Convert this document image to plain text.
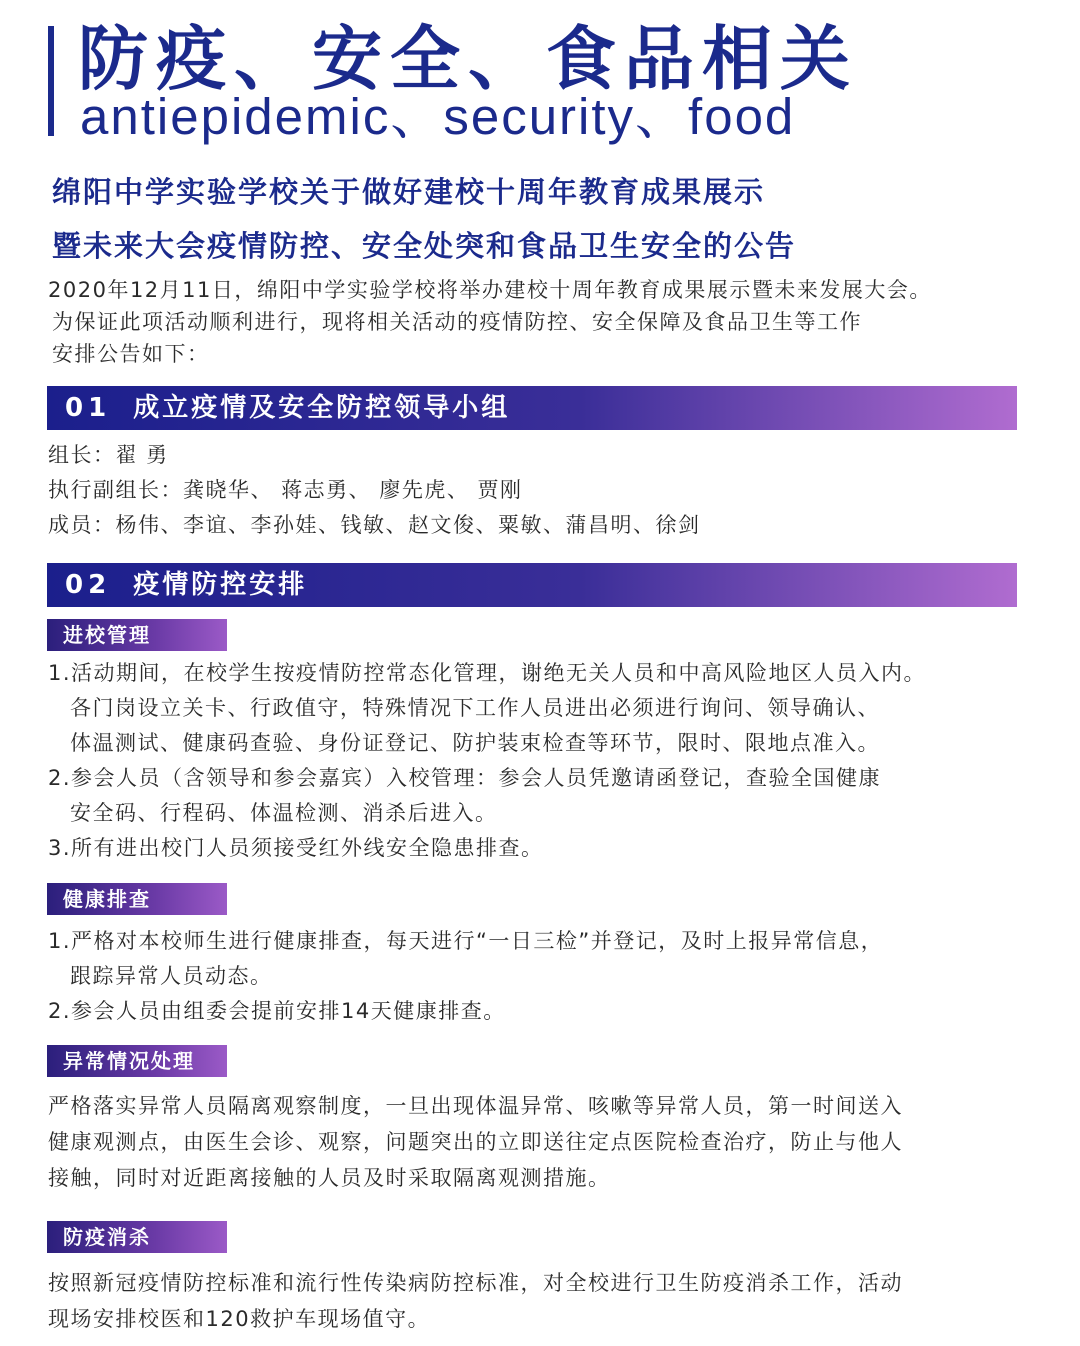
防疫、安全、食品相关
antiepidemic、security、food
绵阳中学实验学校关于做好建校十周年教育成果展示
暨未来大会疫情防控、安全处突和食品卫生安全的公告
2020年12月11日，绵阳中学实验学校将举办建校十周年教育成果展示暨未来发展大会。
为保证此项活动顺利进行，现将相关活动的疫情防控、安全保障及食品卫生等工作
安排公告如下：
01 成立疫情及安全防控领导小组
组长：翟 勇
执行副组长：龚晓华、 蒋志勇、 廖先虎、 贾刚
成员：杨伟、李谊、李孙娃、钱敏、赵文俊、粟敏、蒲昌明、徐剑
02 疫情防控安排
进校管理
1.活动期间，在校学生按疫情防控常态化管理，谢绝无关人员和中高风险地区人员入内。
各门岗设立关卡、行政值守，特殊情况下工作人员进出必须进行询问、领导确认、
体温测试、健康码查验、身份证登记、防护装束检查等环节，限时、限地点准入。
2.参会人员（含领导和参会嘉宾）入校管理：参会人员凭邀请函登记，查验全国健康
安全码、行程码、体温检测、消杀后进入。
3.所有进出校门人员须接受红外线安全隐患排查。
健康排查
1.严格对本校师生进行健康排查，每天进行“一日三检”并登记，及时上报异常信息，
跟踪异常人员动态。
2.参会人员由组委会提前安排14天健康排查。
异常情况处理
严格落实异常人员隔离观察制度，一旦出现体温异常、咳嗽等异常人员，第一时间送入
健康观测点，由医生会诊、观察，问题突出的立即送往定点医院检查治疗，防止与他人
接触，同时对近距离接触的人员及时采取隔离观测措施。
防疫消杀
按照新冠疫情防控标准和流行性传染病防控标准，对全校进行卫生防疫消杀工作，活动
现场安排校医和120救护车现场值守。
